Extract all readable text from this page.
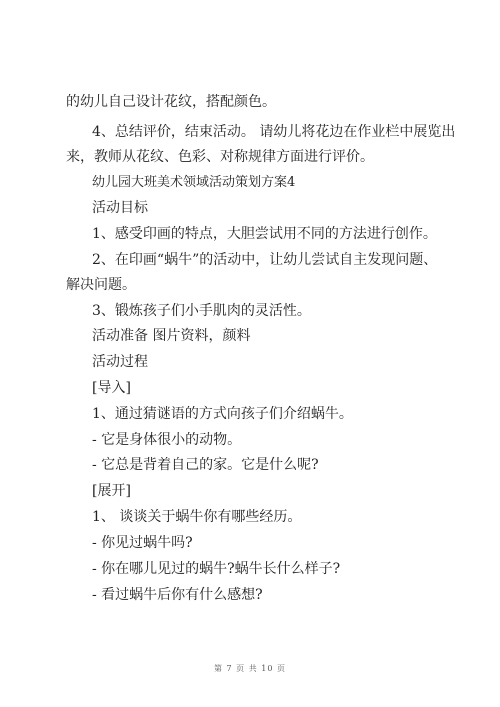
的幼儿自己设计花纹，搭配颜色。
4、总结评价，结束活动。 请幼儿将花边在作业栏中展览出
来，教师从花纹、色彩、对称规律方面进行评价。
幼儿园大班美术领域活动策划方案4
活动目标
1、感受印画的特点，大胆尝试用不同的方法进行创作。
2、在印画“蜗牛”的活动中，让幼儿尝试自主发现问题、
解决问题。
3、锻炼孩子们小手肌肉的灵活性。
活动准备 图片资料，颜料
活动过程
[导入]
1、通过猜谜语的方式向孩子们介绍蜗牛。
- 它是身体很小的动物。
- 它总是背着自己的家。它是什么呢?
[展开]
1、 谈谈关于蜗牛你有哪些经历。
- 你见过蜗牛吗?
- 你在哪儿见过的蜗牛?蜗牛长什么样子?
- 看过蜗牛后你有什么感想?
第 7 页 共 10 页
